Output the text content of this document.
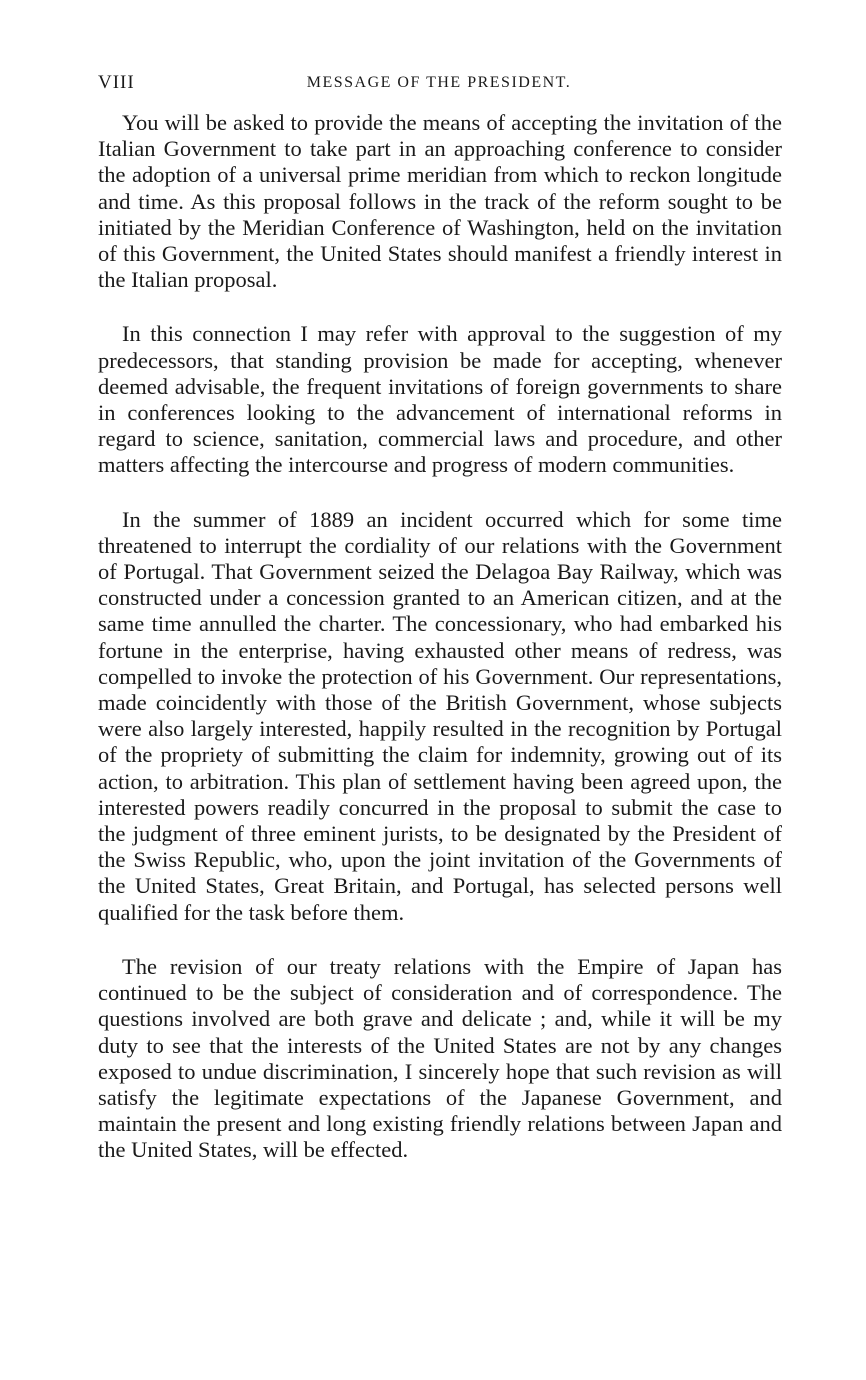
VIII	MESSAGE OF THE PRESIDENT.

You will be asked to provide the means of accepting the invitation of the Italian Government to take part in an approaching conference to consider the adoption of a universal prime meridian from which to reckon longitude and time. As this proposal follows in the track of the reform sought to be initiated by the Meridian Conference of Washington, held on the invitation of this Government, the United States should manifest a friendly interest in the Italian proposal.

In this connection I may refer with approval to the suggestion of my predecessors, that standing provision be made for accepting, whenever deemed advisable, the frequent invitations of foreign governments to share in conferences looking to the advancement of international reforms in regard to science, sanitation, commercial laws and procedure, and other matters affecting the intercourse and progress of modern communities.

In the summer of 1889 an incident occurred which for some time threatened to interrupt the cordiality of our relations with the Government of Portugal. That Government seized the Delagoa Bay Railway, which was constructed under a concession granted to an American citizen, and at the same time annulled the charter. The concessionary, who had embarked his fortune in the enterprise, having exhausted other means of redress, was compelled to invoke the protection of his Government. Our representations, made coincidently with those of the British Government, whose subjects were also largely interested, happily resulted in the recognition by Portugal of the propriety of submitting the claim for indemnity, growing out of its action, to arbitration. This plan of settlement having been agreed upon, the interested powers readily concurred in the proposal to submit the case to the judgment of three eminent jurists, to be designated by the President of the Swiss Republic, who, upon the joint invitation of the Governments of the United States, Great Britain, and Portugal, has selected persons well qualified for the task before them.

The revision of our treaty relations with the Empire of Japan has continued to be the subject of consideration and of correspondence. The questions involved are both grave and delicate ; and, while it will be my duty to see that the interests of the United States are not by any changes exposed to undue discrimination, I sincerely hope that such revision as will satisfy the legitimate expectations of the Japanese Government, and maintain the present and long existing friendly relations between Japan and the United States, will be effected.
